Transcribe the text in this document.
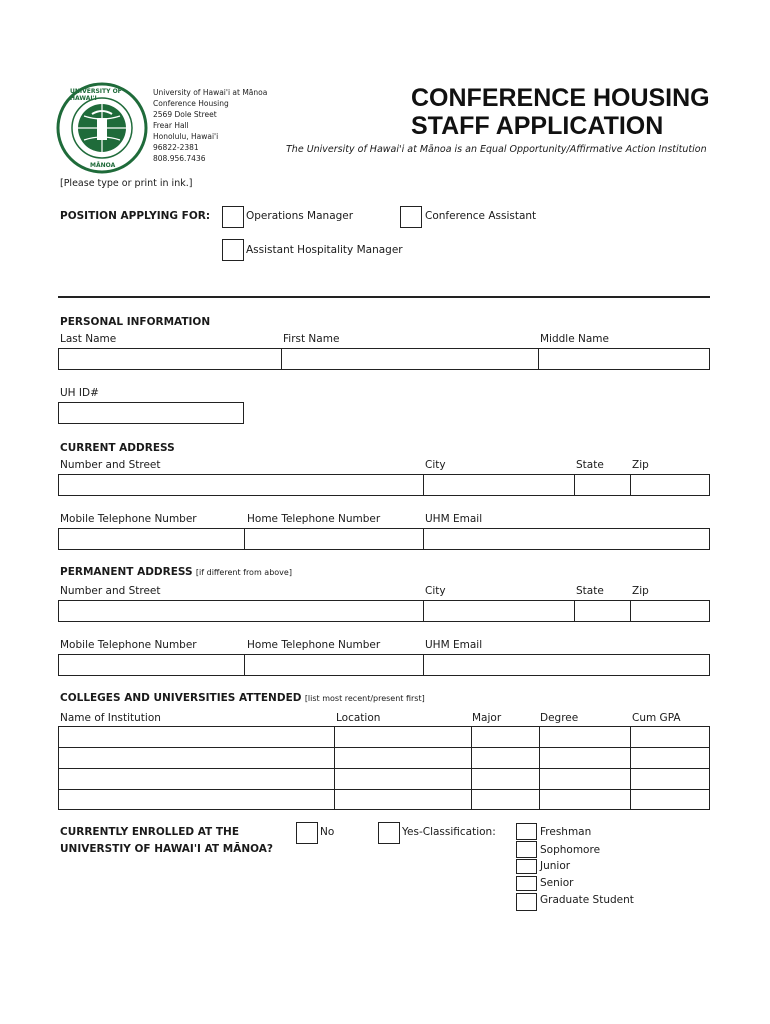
UNIVERSITY OF HAWAI'I
MĀNOA
University of Hawai'i at Mānoa
Conference Housing
2569 Dole Street
Frear Hall
Honolulu, Hawai'i
96822-2381
808.956.7436
CONFERENCE HOUSING
STAFF APPLICATION
The University of Hawai'i at Mānoa is an Equal Opportunity/Affirmative Action Institution
[Please type or print in ink.]
POSITION APPLYING FOR:	Operations Manager	Conference Assistant
Assistant Hospitality Manager
PERSONAL INFORMATION
Last Name	First Name	Middle Name
UH ID#
CURRENT ADDRESS
Number and Street	City	State	Zip
Mobile Telephone Number	Home Telephone Number	UHM Email
PERMANENT ADDRESS [if different from above]
Number and Street	City	State	Zip
Mobile Telephone Number	Home Telephone Number	UHM Email
COLLEGES AND UNIVERSITIES ATTENDED [list most recent/present first]
Name of Institution	Location	Major	Degree	Cum GPA
CURRENTLY ENROLLED AT THE
UNIVERSTIY OF HAWAI'I AT MĀNOA?
No	Yes-Classification:	Freshman
Sophomore
Junior
Senior
Graduate Student
